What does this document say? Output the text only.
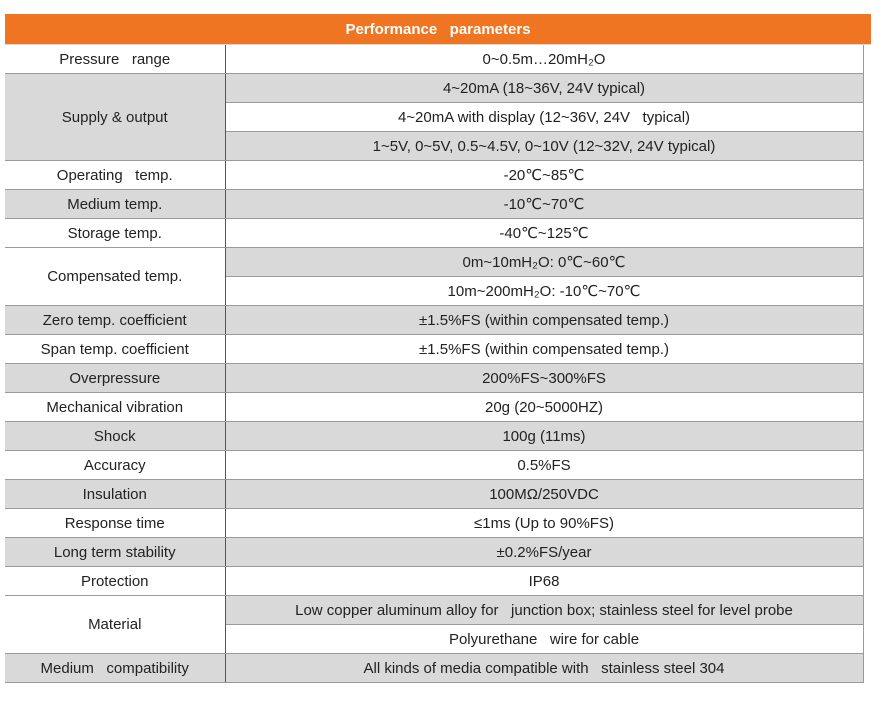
Performance   parameters
Pressure   range	0~0.5m…20mH₂O	
Supply & output	4~20mA (18~36V, 24V typical)	
	4~20mA with display (12~36V, 24V   typical)	
	1~5V, 0~5V, 0.5~4.5V, 0~10V (12~32V, 24V typical)	
Operating   temp.	-20℃~85℃	
Medium temp.	-10℃~70℃	
Storage temp.	-40℃~125℃	
Compensated temp.	0m~10mH₂O: 0℃~60℃	
	10m~200mH₂O: -10℃~70℃	
Zero temp. coefficient	±1.5%FS (within compensated temp.)	
Span temp. coefficient	±1.5%FS (within compensated temp.)	
Overpressure	200%FS~300%FS	
Mechanical vibration	20g (20~5000HZ)	
Shock	100g (11ms)	
Accuracy	0.5%FS	
Insulation	100MΩ/250VDC	
Response time	≤1ms (Up to 90%FS)	
Long term stability	±0.2%FS/year	
Protection	IP68	
Material	Low copper aluminum alloy for   junction box; stainless steel for level probe	
	Polyurethane   wire for cable	
Medium   compatibility	All kinds of media compatible with   stainless steel 304	
